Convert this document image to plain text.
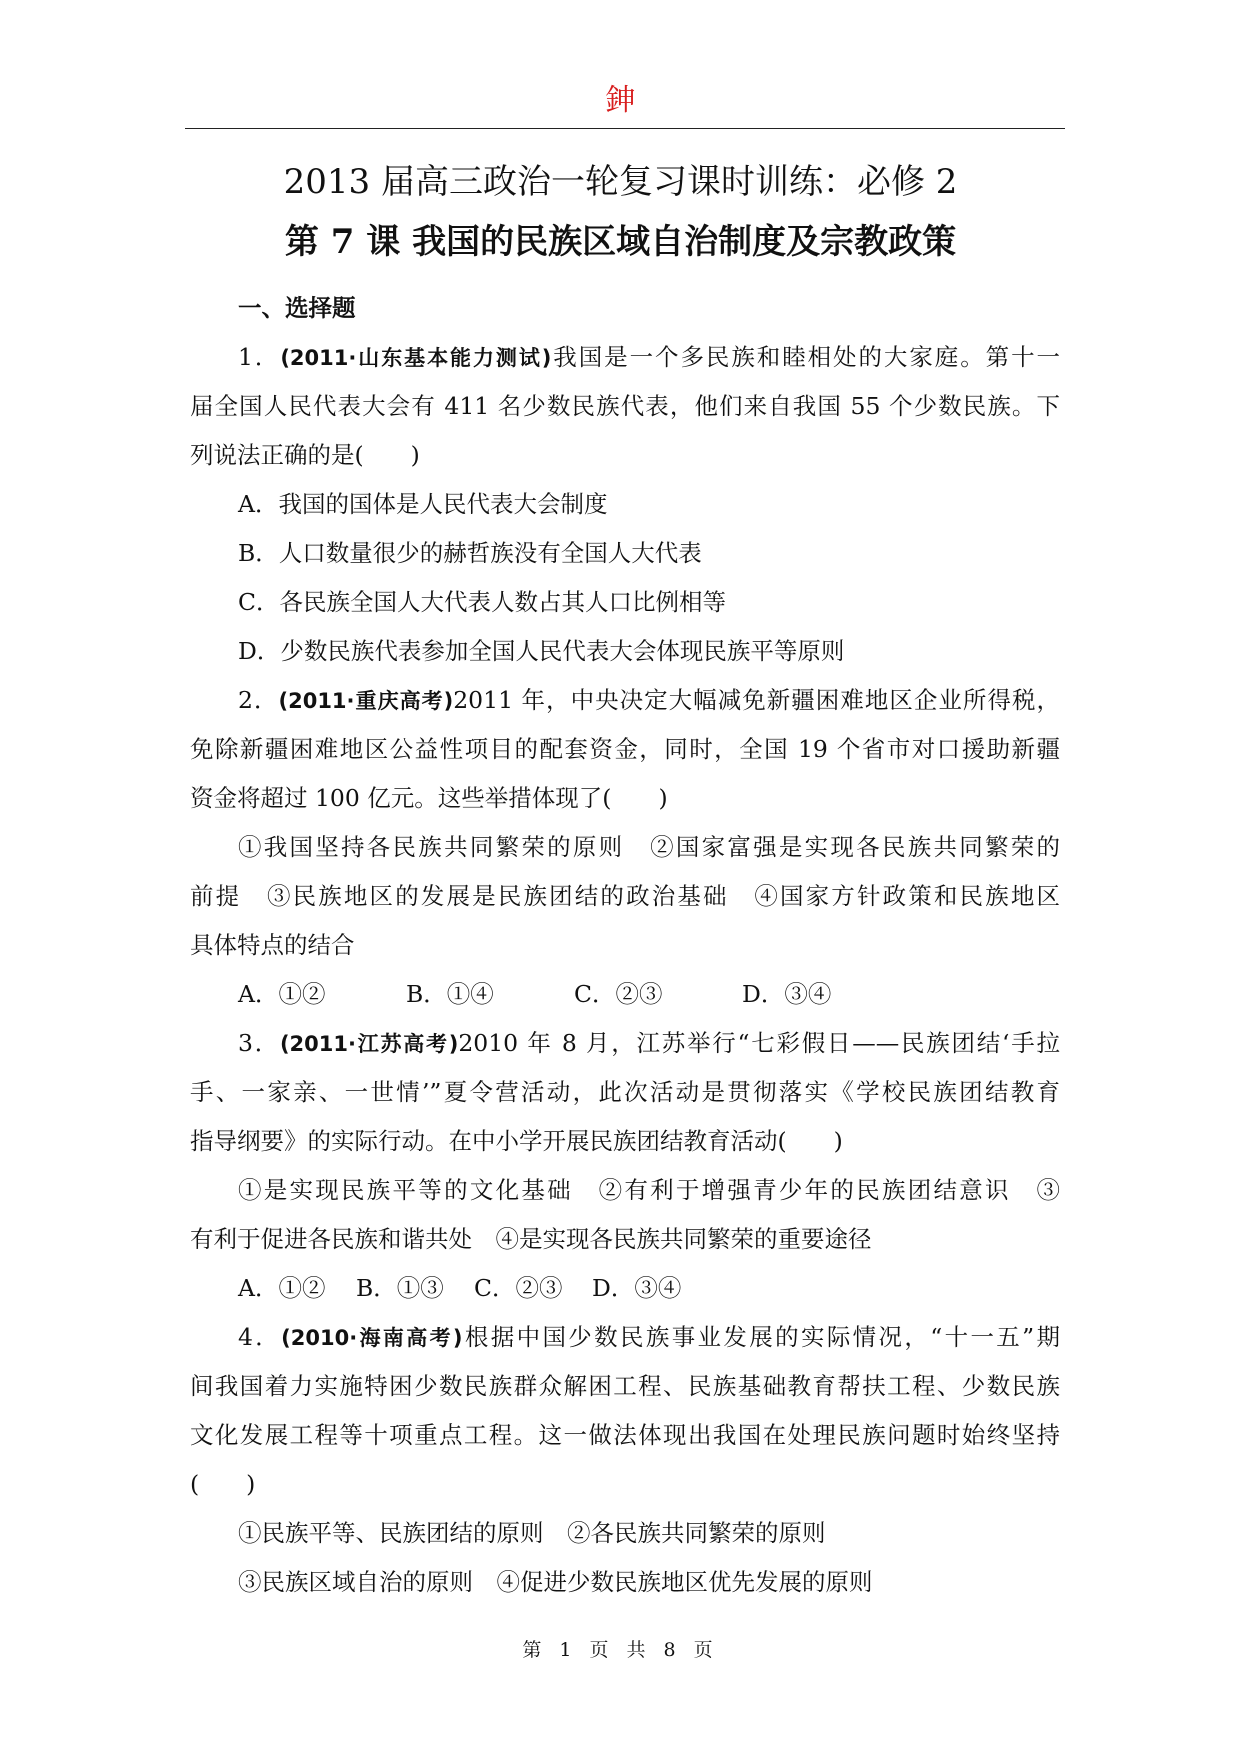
鉮
2013 届高三政治一轮复习课时训练：必修 2
第 7 课 我国的民族区域自治制度及宗教政策
一、选择题
1．(2011·山东基本能力测试)我国是一个多民族和睦相处的大家庭。第十一
届全国人民代表大会有 411 名少数民族代表，他们来自我国 55 个少数民族。下
列说法正确的是(　　)
A．我国的国体是人民代表大会制度
B．人口数量很少的赫哲族没有全国人大代表
C．各民族全国人大代表人数占其人口比例相等
D．少数民族代表参加全国人民代表大会体现民族平等原则
2．(2011·重庆高考)2011 年，中央决定大幅减免新疆困难地区企业所得税，
免除新疆困难地区公益性项目的配套资金，同时，全国 19 个省市对口援助新疆
资金将超过 100 亿元。这些举措体现了(　　)
①我国坚持各民族共同繁荣的原则　②国家富强是实现各民族共同繁荣的
前提　③民族地区的发展是民族团结的政治基础　④国家方针政策和民族地区
具体特点的结合
A．①②	B．①④	C．②③	D．③④
3．(2011·江苏高考)2010 年 8 月，江苏举行“七彩假日——民族团结‘手拉
手、一家亲、一世情’”夏令营活动，此次活动是贯彻落实《学校民族团结教育
指导纲要》的实际行动。在中小学开展民族团结教育活动(　　)
①是实现民族平等的文化基础　②有利于增强青少年的民族团结意识　③
有利于促进各民族和谐共处　④是实现各民族共同繁荣的重要途径
A．①② B．①③ C．②③ D．③④
4．(2010·海南高考)根据中国少数民族事业发展的实际情况，“十一五”期
间我国着力实施特困少数民族群众解困工程、民族基础教育帮扶工程、少数民族
文化发展工程等十项重点工程。这一做法体现出我国在处理民族问题时始终坚持
(　　)
①民族平等、民族团结的原则　②各民族共同繁荣的原则
③民族区域自治的原则　④促进少数民族地区优先发展的原则
第 1 页 共 8 页
